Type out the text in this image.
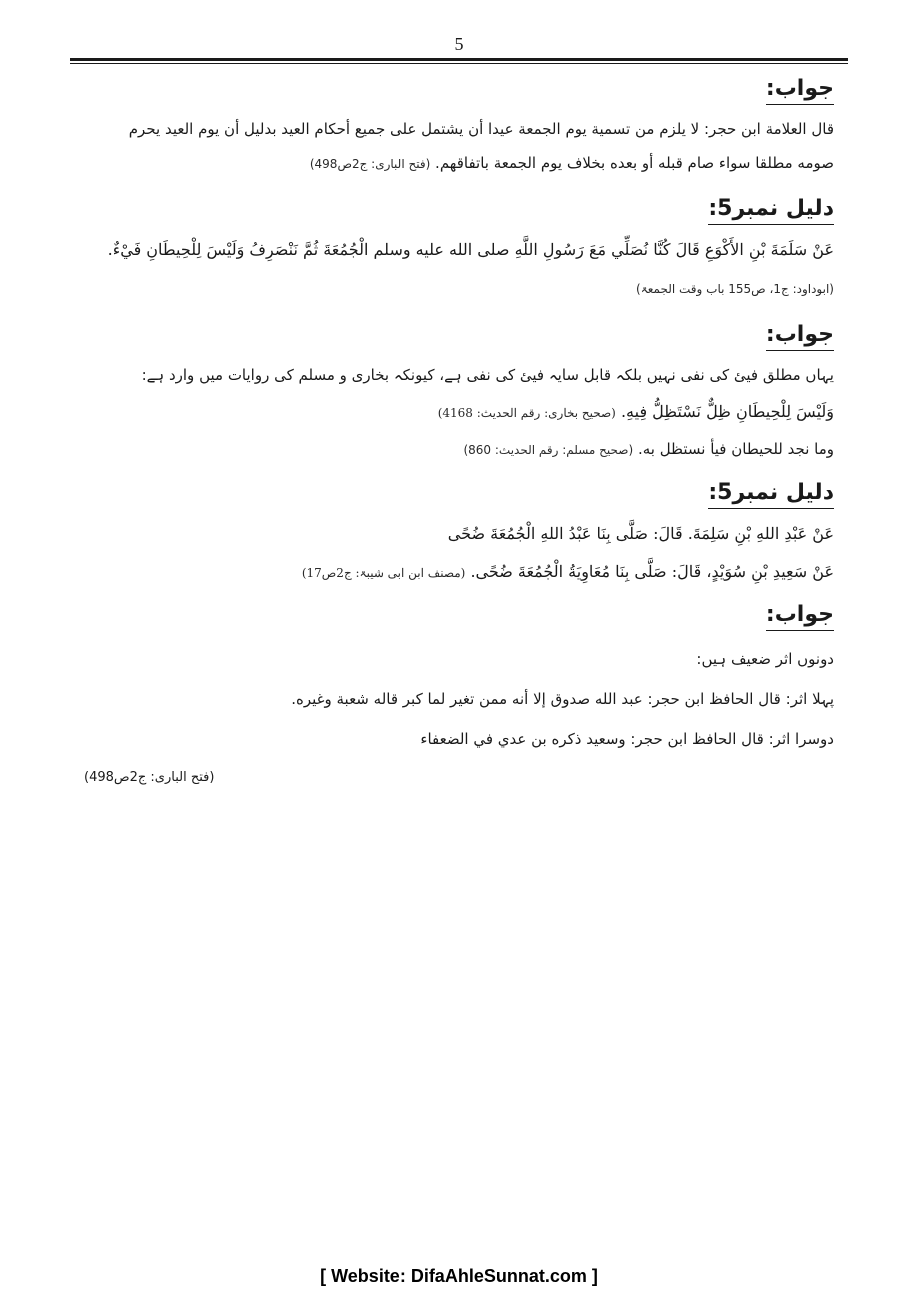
5
جواب:
قال العلامة ابن حجر: لا يلزم من تسمية يوم الجمعة عيدا أن يشتمل على جميع أحكام العيد بدليل أن يوم العيد يحرم
صومه مطلقا سواء صام قبله أو بعده بخلاف يوم الجمعة باتفاقهم. (فتح الباری: ج2ص498)
دلیل نمبر5:
عَنْ سَلَمَةَ بْنِ الأَكْوَعِ قَالَ كُنَّا نُصَلِّي مَعَ رَسُولِ اللَّهِ صلى الله عليه وسلم الْجُمُعَةَ ثُمَّ نَنْصَرِفُ وَلَيْسَ لِلْحِيطَانِ فَيْءٌ.
(ابوداود: ج1، ص155 باب وقت الجمعۃ)
جواب:
یہاں مطلق فیئ کی نفی نہیں بلکہ قابل سایہ فیئ کی نفی ہے، کیونکہ بخاری و مسلم کی روایات میں وارد ہے:
وَلَيْسَ لِلْحِيطَانِ ظِلٌّ نَسْتَظِلُّ فِيهِ. (صحیح بخاری: رقم الحدیث: 4168)
وما نجد للحيطان فيأ نستظل به. (صحیح مسلم: رقم الحدیث: 860)
دلیل نمبر5:
عَنْ عَبْدِ اللهِ بْنِ سَلِمَةَ. قَالَ: صَلَّى بِنَا عَبْدُ اللهِ الْجُمُعَةَ ضُحًى
عَنْ سَعِيدِ بْنِ سُوَيْدٍ، قَالَ: صَلَّى بِنَا مُعَاوِيَةُ الْجُمُعَةَ ضُحًى. (مصنف ابن ابی شیبۃ: ج2ص17)
جواب:
دونوں اثر ضعیف ہیں:
پہلا اثر: قال الحافظ ابن حجر: عبد الله صدوق إلا أنه ممن تغير لما كبر قاله شعبة وغيره.
دوسرا اثر: قال الحافظ ابن حجر: وسعيد ذكره بن عدي في الضعفاء
(فتح الباری: ج2ص498)
[ Website: DifaAhleSunnat.com ]
